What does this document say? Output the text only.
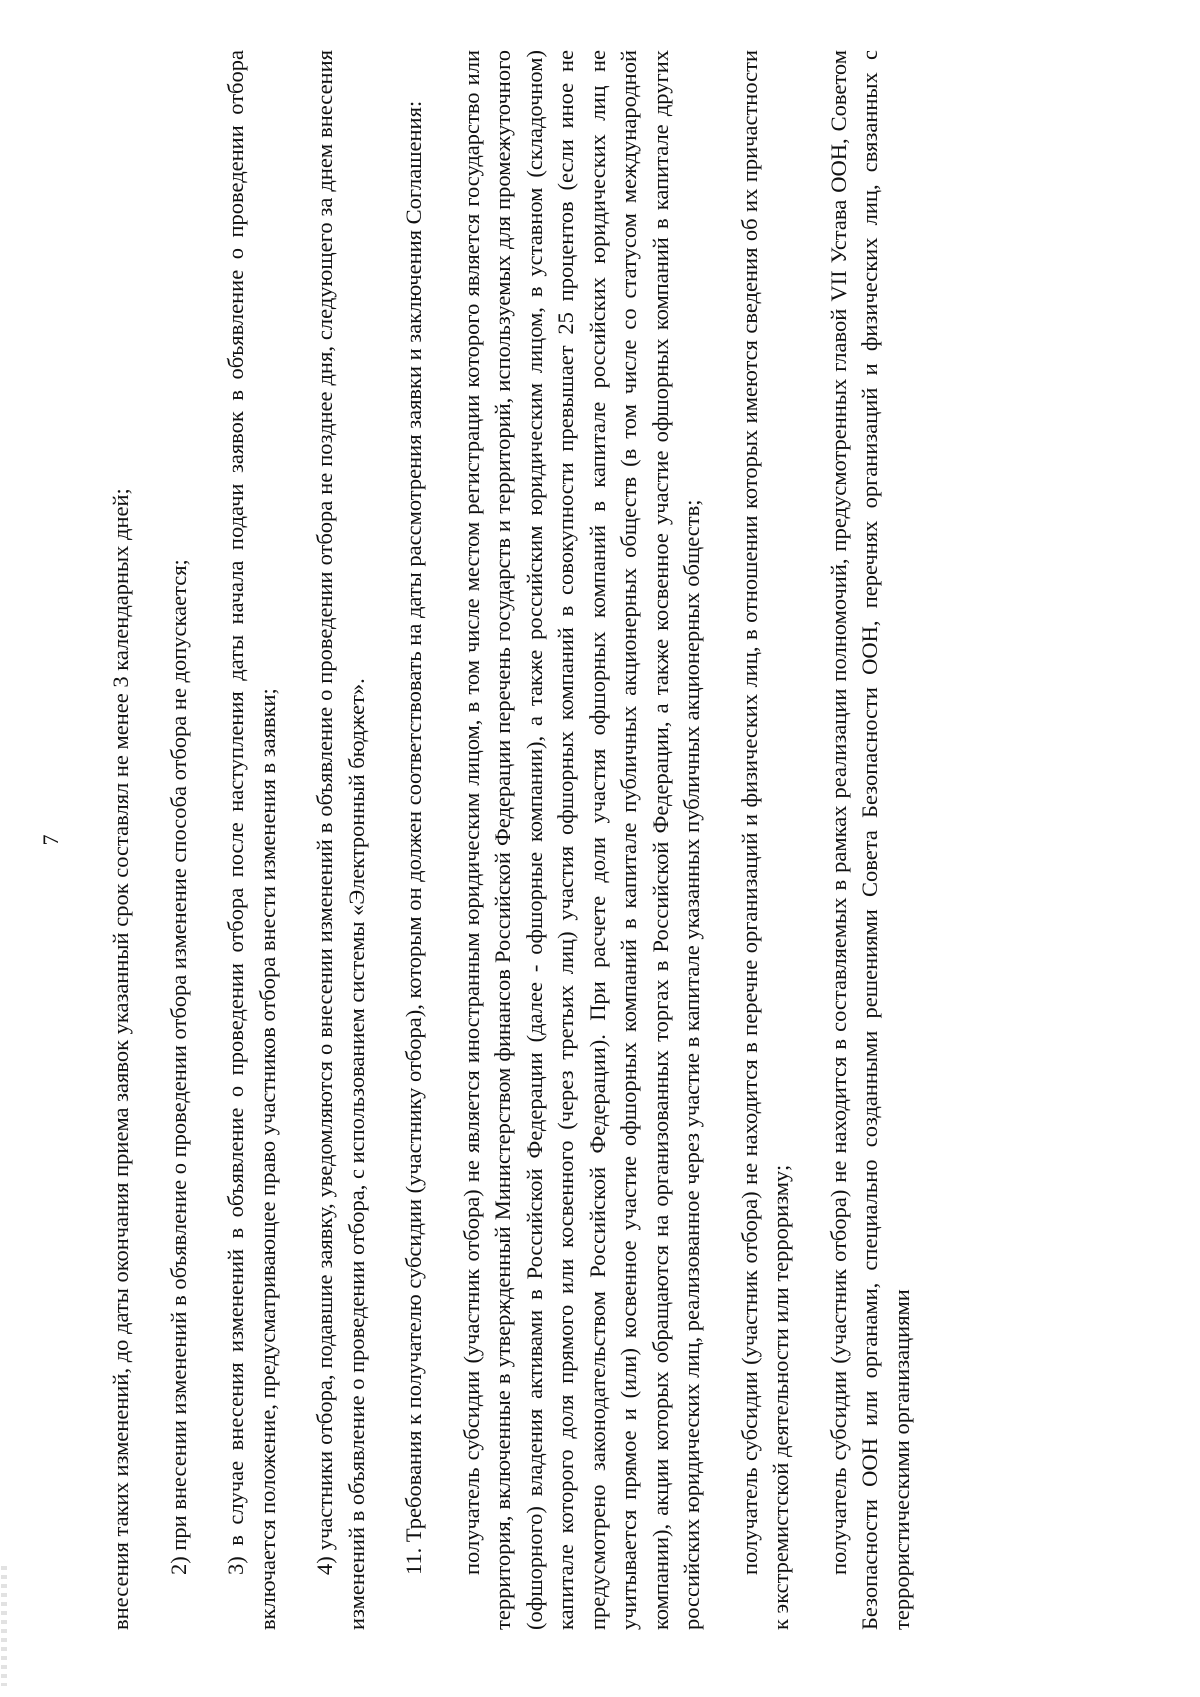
7 внесения таких изменений, до даты окончания приема заявок указанный срок составлял не менее 3 календарных дней; 2) при внесении изменений в объявление о проведении отбора изменение способа отбора не допускается; 3) в случае внесения изменений в объявление о проведении отбора после наступления даты начала подачи заявок в объявление о проведении отбора включается положение, предусматривающее право участников отбора внести изменения в заявки; 4) участники отбора, подавшие заявку, уведомляются о внесении изменений в объявление о проведении отбора не позднее дня, следующего за днем внесения изменений в объявление о проведении отбора, с использованием системы «Электронный бюджет». 11. Требования к получателю субсидии (участнику отбора), которым он должен соответствовать на даты рассмотрения заявки и заключения Соглашения: получатель субсидии (участник отбора) не является иностранным юридическим лицом, в том числе местом регистрации которого является государство или территория, включенные в утвержденный Министерством финансов Российской Федерации перечень государств и территорий, используемых для промежуточного (офшорного) владения активами в Российской Федерации (далее - офшорные компании), а также российским юридическим лицом, в уставном (складочном) капитале которого доля прямого или косвенного (через третьих лиц) участия офшорных компаний в совокупности превышает 25 процентов (если иное не предусмотрено законодательством Российской Федерации). При расчете доли участия офшорных компаний в капитале российских юридических лиц не учитывается прямое и (или) косвенное участие офшорных компаний в капитале публичных акционерных обществ (в том числе со статусом международной компании), акции которых обращаются на организованных торгах в Российской Федерации, а также косвенное участие офшорных компаний в капитале других российских юридических лиц, реализованное через участие в капитале указанных публичных акционерных обществ; получатель субсидии (участник отбора) не находится в перечне организаций и физических лиц, в отношении которых имеются сведения об их причастности к экстремистской деятельности или терроризму; получатель субсидии (участник отбора) не находится в составляемых в рамках реализации полномочий, предусмотренных главой VII Устава ООН, Советом Безопасности ООН или органами, специально созданными решениями Совета Безопасности ООН, перечнях организаций и физических лиц, связанных с террористическими организациями
